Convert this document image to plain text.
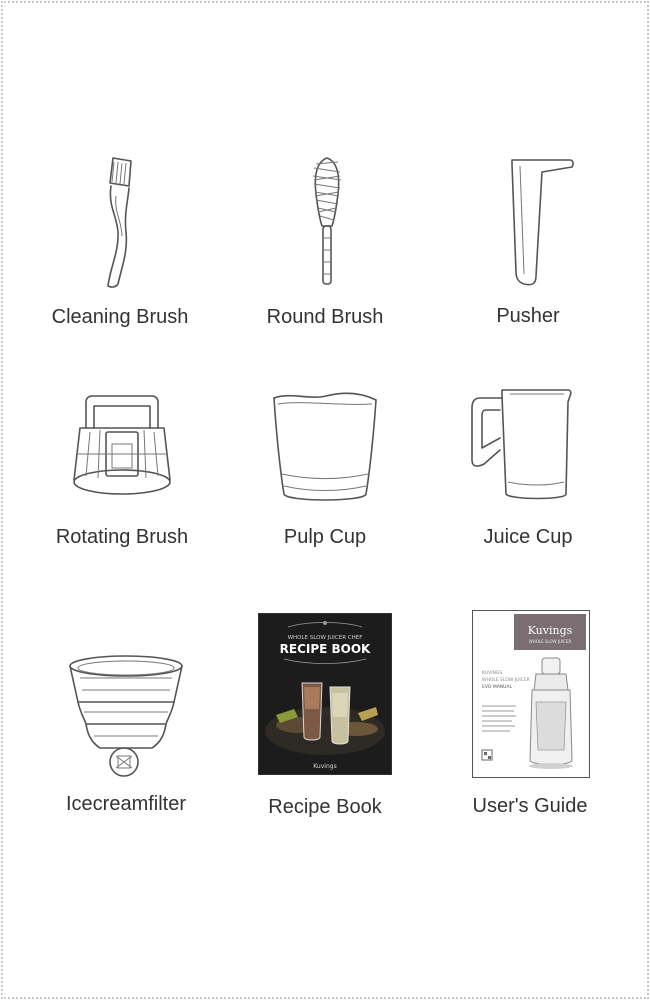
Cleaning Brush	Round Brush	Pusher
Rotating Brush	Pulp Cup	Juice Cup
Icecreamfilter
WHOLE SLOW JUICER CHEF
RECIPE BOOK
Kuvings
Recipe Book
Kuvings
WHOLE SLOW JUICER
KUVINGS
WHOLE SLOW JUICER
EVO MANUAL
User's Guide
